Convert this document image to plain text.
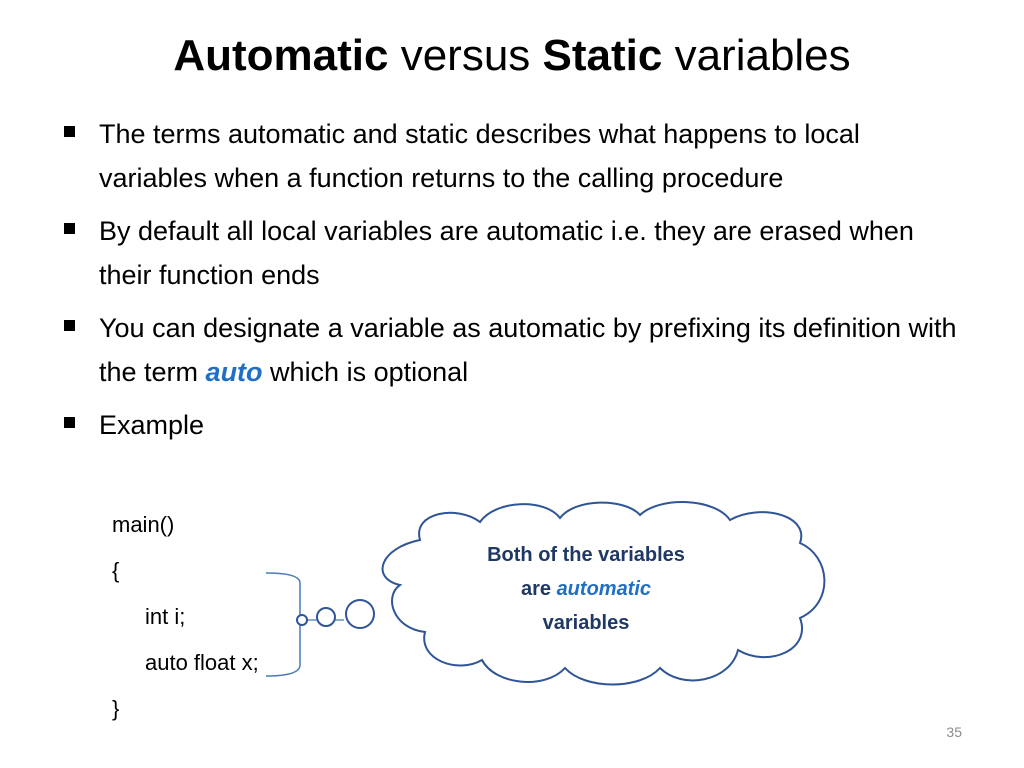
Automatic versus Static variables
The terms automatic and static describes what happens to local variables when a function returns to the calling procedure
By default all local variables are automatic i.e. they are erased when their function ends
You can designate a variable as automatic by prefixing its definition with the term auto which is optional
Example
main()
{
int i;
auto float x;
}
Both of the variables
are automatic
variables
35
